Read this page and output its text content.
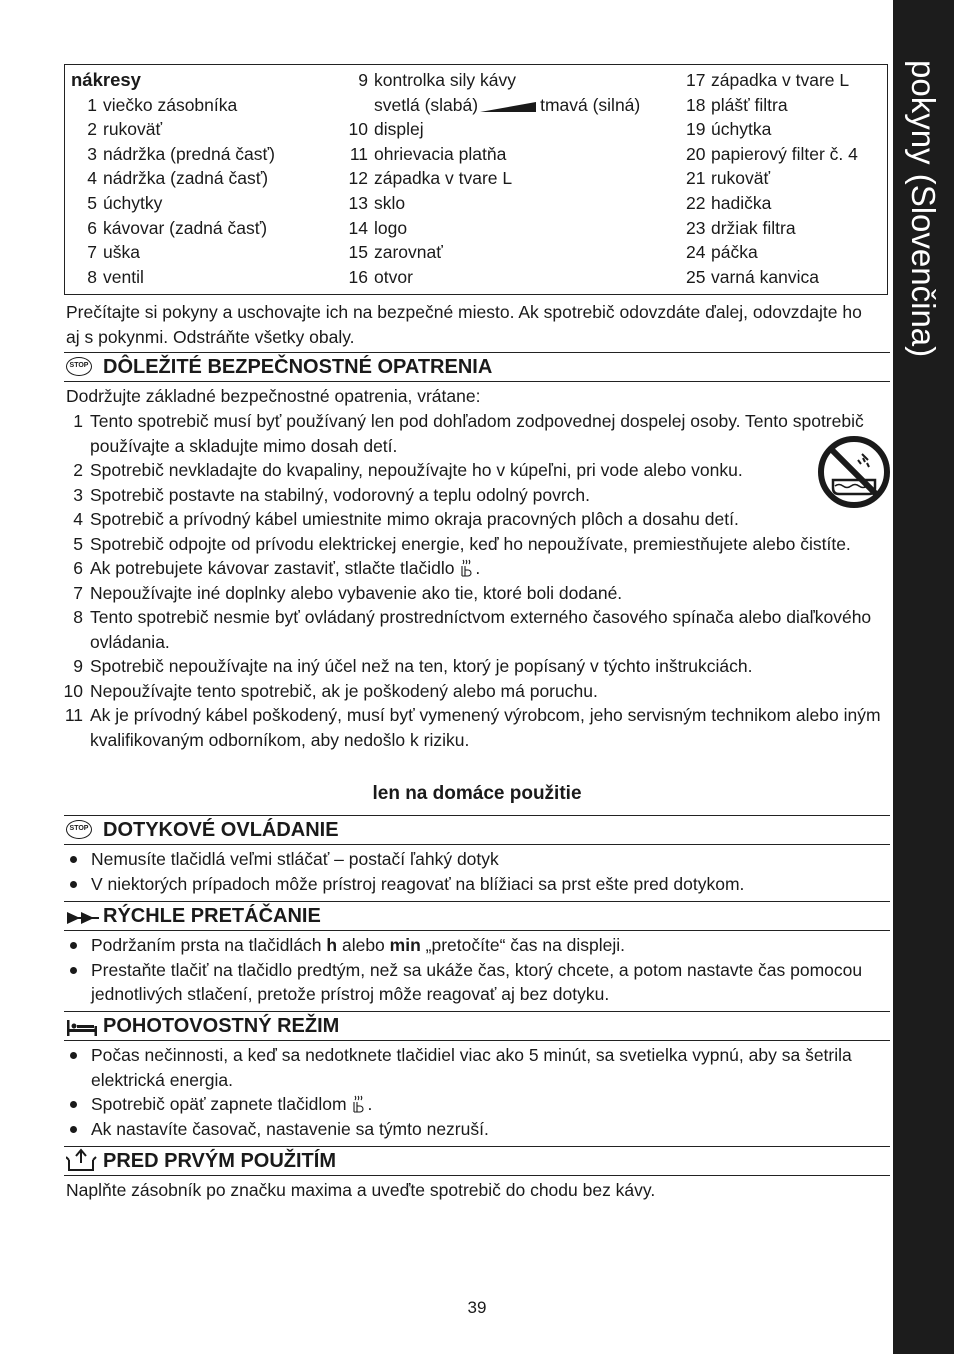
pokyny (Slovenčina)
nákresy
1 viečko zásobníka
2 rukoväť
3 nádržka (predná časť)
4 nádržka (zadná časť)
5 úchytky
6 kávovar (zadná časť)
7 uška
8 ventil
9 kontrolka sily kávy
svetlá (slabá)	tmavá (silná)
10 displej
11 ohrievacia platňa
12 západka v tvare L
13 sklo
14 logo
15 zarovnať
16 otvor
17 západka v tvare L
18 plášť filtra
19 úchytka
20 papierový filter č. 4
21 rukoväť
22 hadička
23 držiak filtra
24 páčka
25 varná kanvica
Prečítajte si pokyny a uschovajte ich na bezpečné miesto. Ak spotrebič odovzdáte ďalej, odovzdajte ho aj s pokynmi. Odstráňte všetky obaly.
STOP DÔLEŽITÉ BEZPEČNOSTNÉ OPATRENIA
Dodržujte základné bezpečnostné opatrenia, vrátane:
1 Tento spotrebič musí byť používaný len pod dohľadom zodpovednej dospelej osoby. Tento spotrebič používajte a skladujte mimo dosah detí.
2 Spotrebič nevkladajte do kvapaliny, nepoužívajte ho v kúpeľni, pri vode alebo vonku.
3 Spotrebič postavte na stabilný, vodorovný a teplu odolný povrch.
4 Spotrebič a prívodný kábel umiestnite mimo okraja pracovných plôch a dosahu detí.
5 Spotrebič odpojte od prívodu elektrickej energie, keď ho nepoužívate, premiestňujete alebo čistíte.
6 Ak potrebujete kávovar zastaviť, stlačte tlačidlo .
7 Nepoužívajte iné doplnky alebo vybavenie ako tie, ktoré boli dodané.
8 Tento spotrebič nesmie byť ovládaný prostredníctvom externého časového spínača alebo diaľkového ovládania.
9 Spotrebič nepoužívajte na iný účel než na ten, ktorý je popísaný v týchto inštrukciách.
10 Nepoužívajte tento spotrebič, ak je poškodený alebo má poruchu.
11 Ak je prívodný kábel poškodený, musí byť vymenený výrobcom, jeho servisným technikom alebo iným kvalifikovaným odborníkom, aby nedošlo k riziku.
len na domáce použitie
STOP DOTYKOVÉ OVLÁDANIE
Nemusíte tlačidlá veľmi stláčať – postačí ľahký dotyk
V niektorých prípadoch môže prístroj reagovať na blížiaci sa prst ešte pred dotykom.
RÝCHLE PRETÁČANIE
Podržaním prsta na tlačidlách h alebo min „pretočíte“ čas na displeji.
Prestaňte tlačiť na tlačidlo predtým, než sa ukáže čas, ktorý chcete, a potom nastavte čas pomocou jednotlivých stlačení, pretože prístroj môže reagovať aj bez dotyku.
POHOTOVOSTNÝ REŽIM
Počas nečinnosti, a keď sa nedotknete tlačidiel viac ako 5 minút, sa svetielka vypnú, aby sa šetrila elektrická energia.
Spotrebič opäť zapnete tlačidlom .
Ak nastavíte časovač, nastavenie sa týmto nezruší.
PRED PRVÝM POUŽITÍM
Naplňte zásobník po značku maxima a uveďte spotrebič do chodu bez kávy.
39
